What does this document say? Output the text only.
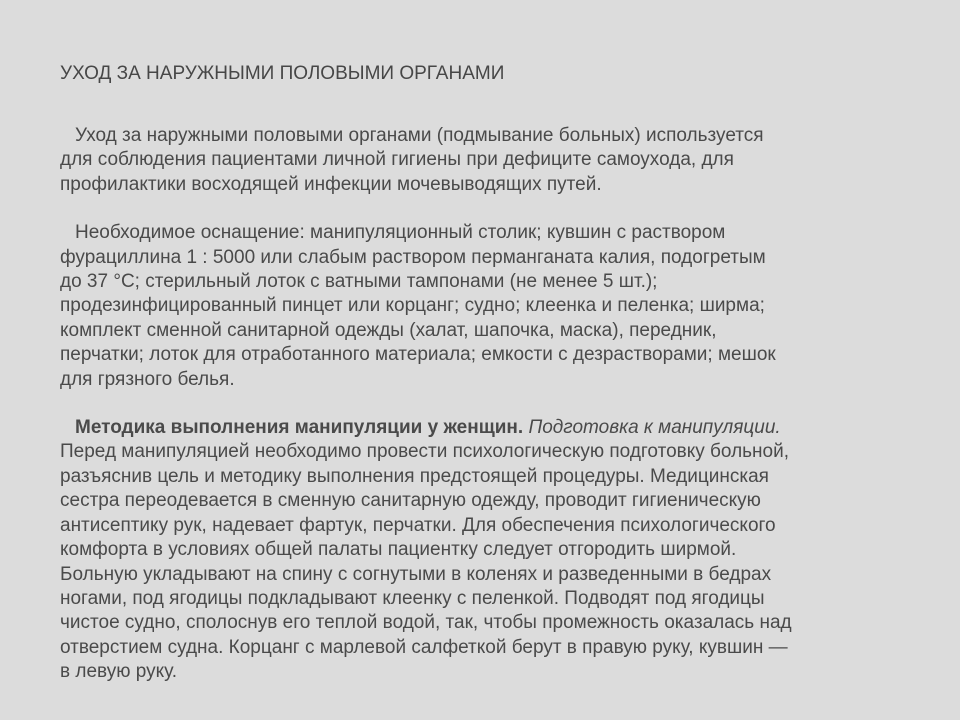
УХОД ЗА НАРУЖНЫМИ ПОЛОВЫМИ ОРГАНАМИ

Уход за наружными половыми органами (подмывание больных) используется
для соблюдения пациентами личной гигиены при дефиците самоухода, для
профилактики восходящей инфекции мочевыводящих путей.

Необходимое оснащение: манипуляционный столик; кувшин с раствором
фурациллина 1 : 5000 или слабым раствором перманганата калия, подогретым
до 37 °С; стерильный лоток с ватными тампонами (не менее 5 шт.);
продезинфицированный пинцет или корцанг; судно; клеенка и пеленка; ширма;
комплект сменной санитарной одежды (халат, шапочка, маска), передник,
перчатки; лоток для отработанного материала; емкости с дезрастворами; мешок
для грязного белья.

Методика выполнения манипуляции у женщин. Подготовка к манипуляции.
Перед манипуляцией необходимо провести психологическую подготовку больной,
разъяснив цель и методику выполнения предстоящей процедуры. Медицинская
сестра переодевается в сменную санитарную одежду, проводит гигиеническую
антисептику рук, надевает фартук, перчатки. Для обеспечения психологического
комфорта в условиях общей палаты пациентку следует отгородить ширмой.
Больную укладывают на спину с согнутыми в коленях и разведенными в бедрах
ногами, под ягодицы подкладывают клеенку с пеленкой. Подводят под ягодицы
чистое судно, сполоснув его теплой водой, так, чтобы промежность оказалась над
отверстием судна. Корцанг с марлевой салфеткой берут в правую руку, кувшин —
в левую руку.
